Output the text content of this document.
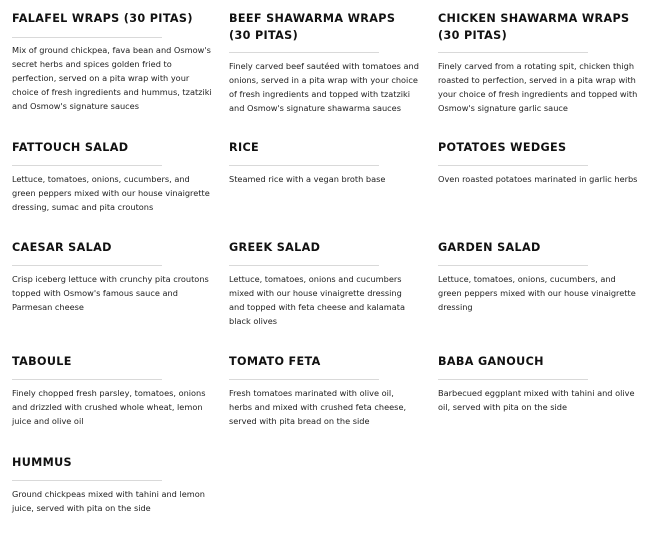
FALAFEL WRAPS (30 PITAS)
Mix of ground chickpea, fava bean and Osmow's secret herbs and spices golden fried to perfection, served on a pita wrap with your choice of fresh ingredients and hummus, tzatziki and Osmow's signature sauces
BEEF SHAWARMA WRAPS (30 PITAS)
Finely carved beef sautéed with tomatoes and onions, served in a pita wrap with your choice of fresh ingredients and topped with tzatziki and Osmow's signature shawarma sauces
CHICKEN SHAWARMA WRAPS (30 PITAS)
Finely carved from a rotating spit, chicken thigh roasted to perfection, served in a pita wrap with your choice of fresh ingredients and topped with Osmow's signature garlic sauce
FATTOUCH SALAD
Lettuce, tomatoes, onions, cucumbers, and green peppers mixed with our house vinaigrette dressing, sumac and pita croutons
RICE
Steamed rice with a vegan broth base
POTATOES WEDGES
Oven roasted potatoes marinated in garlic herbs
CAESAR SALAD
Crisp iceberg lettuce with crunchy pita croutons topped with Osmow's famous sauce and Parmesan cheese
GREEK SALAD
Lettuce, tomatoes, onions and cucumbers mixed with our house vinaigrette dressing and topped with feta cheese and kalamata black olives
GARDEN SALAD
Lettuce, tomatoes, onions, cucumbers, and green peppers mixed with our house vinaigrette dressing
TABOULE
Finely chopped fresh parsley, tomatoes, onions and drizzled with crushed whole wheat, lemon juice and olive oil
TOMATO FETA
Fresh tomatoes marinated with olive oil, herbs and mixed with crushed feta cheese, served with pita bread on the side
BABA GANOUCH
Barbecued eggplant mixed with tahini and olive oil, served with pita on the side
HUMMUS
Ground chickpeas mixed with tahini and lemon juice, served with pita on the side
